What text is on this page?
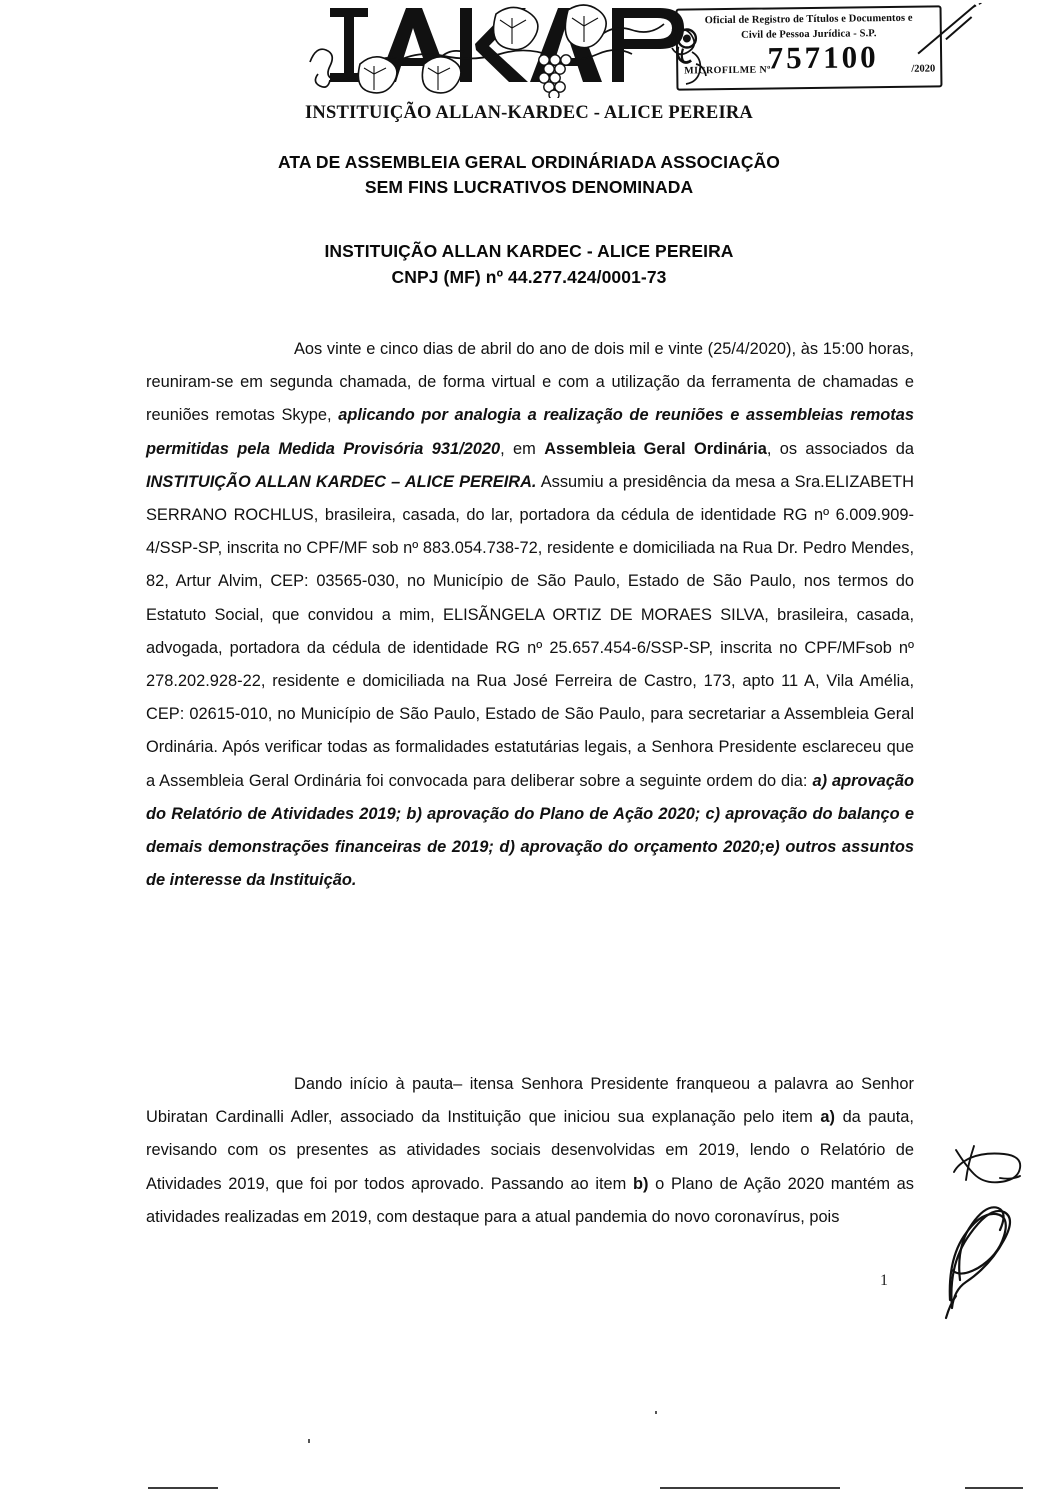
INSTITUIÇÃO ALLAN-KARDEC - ALICE PEREIRA
Oficial de Registro de Títulos e Documentos e
Civil de Pessoa Jurídica - S.P.
757100
MICROFILME Nº	/2020
ATA DE ASSEMBLEIA GERAL ORDINÁRIADA ASSOCIAÇÃO
SEM FINS LUCRATIVOS DENOMINADA
INSTITUIÇÃO ALLAN KARDEC - ALICE PEREIRA
CNPJ (MF) nº 44.277.424/0001-73
Aos vinte e cinco dias de abril do ano de dois mil e vinte (25/4/2020), às 15:00 horas, reuniram-se em segunda chamada, de forma virtual e com a utilização da ferramenta de chamadas e reuniões remotas Skype, aplicando por analogia a realização de reuniões e assembleias remotas permitidas pela Medida Provisória 931/2020, em Assembleia Geral Ordinária, os associados da INSTITUIÇÃO ALLAN KARDEC – ALICE PEREIRA. Assumiu a presidência da mesa a Sra.ELIZABETH SERRANO ROCHLUS, brasileira, casada, do lar, portadora da cédula de identidade RG nº 6.009.909-4/SSP-SP, inscrita no CPF/MF sob nº 883.054.738-72, residente e domiciliada na Rua Dr. Pedro Mendes, 82, Artur Alvim, CEP: 03565-030, no Município de São Paulo, Estado de São Paulo, nos termos do Estatuto Social, que convidou a mim, ELISÃNGELA ORTIZ DE MORAES SILVA, brasileira, casada, advogada, portadora da cédula de identidade RG nº 25.657.454-6/SSP-SP, inscrita no CPF/MFsob nº 278.202.928-22, residente e domiciliada na Rua José Ferreira de Castro, 173, apto 11 A, Vila Amélia, CEP: 02615-010, no Município de São Paulo, Estado de São Paulo, para secretariar a Assembleia Geral Ordinária. Após verificar todas as formalidades estatutárias legais, a Senhora Presidente esclareceu que a Assembleia Geral Ordinária foi convocada para deliberar sobre a seguinte ordem do dia: a) aprovação do Relatório de Atividades 2019; b) aprovação do Plano de Ação 2020; c) aprovação do balanço e demais demonstrações financeiras de 2019; d) aprovação do orçamento 2020;e) outros assuntos de interesse da Instituição.
Dando início à pauta– itensa Senhora Presidente franqueou a palavra ao Senhor Ubiratan Cardinalli Adler, associado da Instituição que iniciou sua explanação pelo item a) da pauta, revisando com os presentes as atividades sociais desenvolvidas em 2019, lendo o Relatório de Atividades 2019, que foi por todos aprovado. Passando ao item b) o Plano de Ação 2020 mantém as atividades realizadas em 2019, com destaque para a atual pandemia do novo coronavírus, pois
1
